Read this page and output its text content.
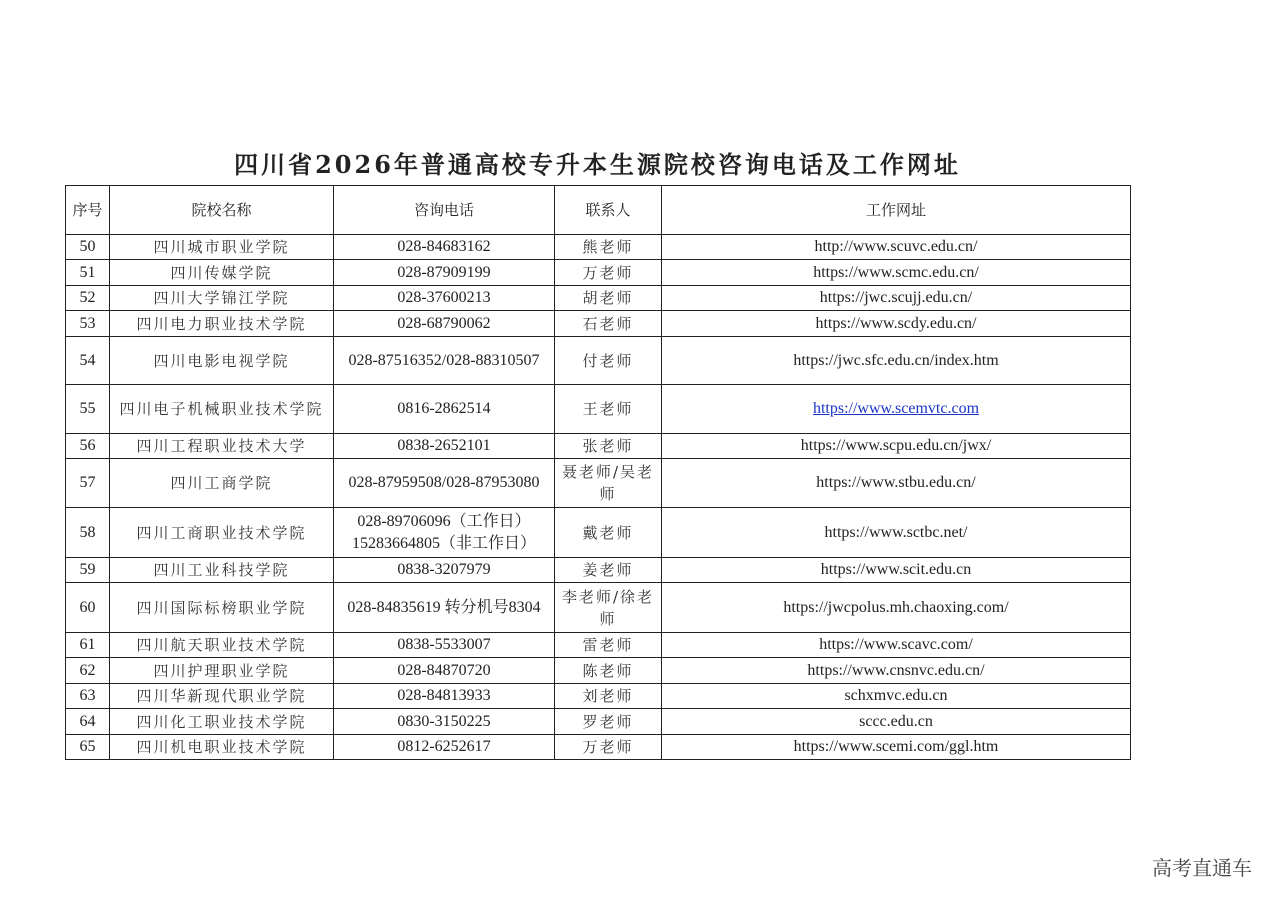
四川省2026年普通高校专升本生源院校咨询电话及工作网址
序号	院校名称	咨询电话	联系人	工作网址
50	四川城市职业学院	028-84683162	熊老师	http://www.scuvc.edu.cn/
51	四川传媒学院	028-87909199	万老师	https://www.scmc.edu.cn/
52	四川大学锦江学院	028-37600213	胡老师	https://jwc.scujj.edu.cn/
53	四川电力职业技术学院	028-68790062	石老师	https://www.scdy.edu.cn/
54	四川电影电视学院	028-87516352/028-88310507	付老师	https://jwc.sfc.edu.cn/index.htm
55	四川电子机械职业技术学院	0816-2862514	王老师	https://www.scemvtc.com
56	四川工程职业技术大学	0838-2652101	张老师	https://www.scpu.edu.cn/jwx/
57	四川工商学院	028-87959508/028-87953080	聂老师/吴老师	https://www.stbu.edu.cn/
58	四川工商职业技术学院	028-89706096（工作日）15283664805（非工作日）	戴老师	https://www.sctbc.net/
59	四川工业科技学院	0838-3207979	姜老师	https://www.scit.edu.cn
60	四川国际标榜职业学院	028-84835619 转分机号8304	李老师/徐老师	https://jwcpolus.mh.chaoxing.com/
61	四川航天职业技术学院	0838-5533007	雷老师	https://www.scavc.com/
62	四川护理职业学院	028-84870720	陈老师	https://www.cnsnvc.edu.cn/
63	四川华新现代职业学院	028-84813933	刘老师	schxmvc.edu.cn
64	四川化工职业技术学院	0830-3150225	罗老师	sccc.edu.cn
65	四川机电职业技术学院	0812-6252617	万老师	https://www.scemi.com/ggl.htm
高考直通车
